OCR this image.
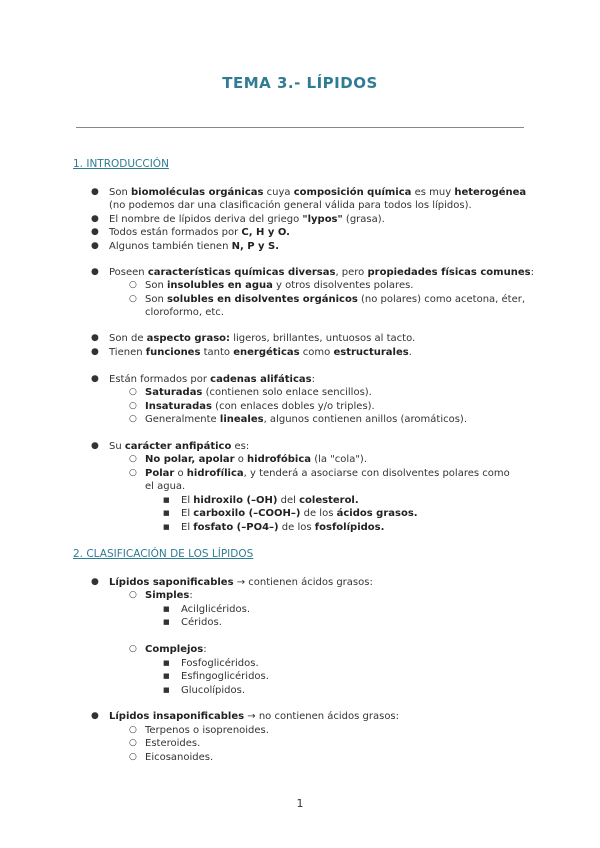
TEMA 3.- LÍPIDOS
1. INTRODUCCIÓN
● Son biomoléculas orgánicas cuya composición química es muy heterogénea
(no podemos dar una clasificación general válida para todos los lípidos).
● El nombre de lípidos deriva del griego "lypos" (grasa).
● Todos están formados por C, H y O.
● Algunos también tienen N, P y S.
● Poseen características químicas diversas, pero propiedades físicas comunes:
○ Son insolubles en agua y otros disolventes polares.
○ Son solubles en disolventes orgánicos (no polares) como acetona, éter,
cloroformo, etc.
● Son de aspecto graso: ligeros, brillantes, untuosos al tacto.
● Tienen funciones tanto energéticas como estructurales.
● Están formados por cadenas alifáticas:
○ Saturadas (contienen solo enlace sencillos).
○ Insaturadas (con enlaces dobles y/o triples).
○ Generalmente lineales, algunos contienen anillos (aromáticos).
● Su carácter anfipático es:
○ No polar, apolar o hidrofóbica (la "cola").
○ Polar o hidrofílica, y tenderá a asociarse con disolventes polares como
el agua.
■ El hidroxilo (–OH) del colesterol.
■ El carboxilo (–COOH–) de los ácidos grasos.
■ El fosfato (–PO4–) de los fosfolípidos.
2. CLASIFICACIÓN DE LOS LÍPIDOS
● Lípidos saponificables → contienen ácidos grasos:
○ Simples:
■ Acilglicéridos.
■ Céridos.
○ Complejos:
■ Fosfoglicéridos.
■ Esfingoglicéridos.
■ Glucolípidos.
● Lípidos insaponificables → no contienen ácidos grasos:
○ Terpenos o isoprenoides.
○ Esteroides.
○ Eicosanoides.
1
